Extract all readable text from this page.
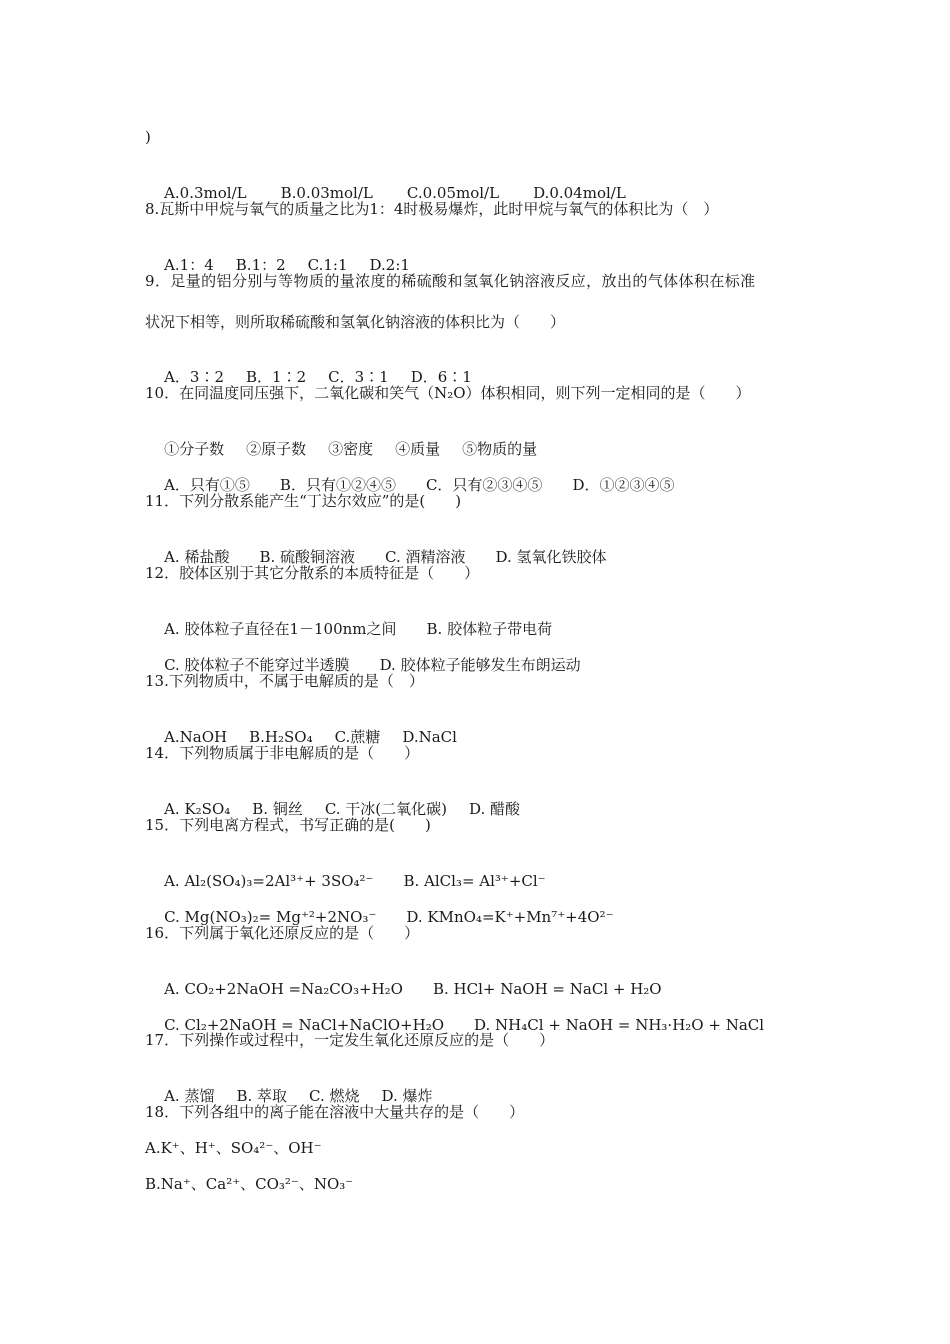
)

A.0.3mol/L B.0.03mol/L C.0.05mol/L D.0.04mol/L

8.瓦斯中甲烷与氧气的质量之比为1：4时极易爆炸，此时甲烷与氧气的体积比为（　）

A.1：4 B.1：2 C.1:1 D.2:1

9．足量的铝分别与等物质的量浓度的稀硫酸和氢氧化钠溶液反应，放出的气体体积在标准
状况下相等，则所取稀硫酸和氢氧化钠溶液的体积比为（　　）

A．3∶2 B．1∶2 C．3∶1 D．6∶1

10．在同温度同压强下，二氧化碳和笑气（N₂O）体积相同，则下列一定相同的是（　　）

①分子数 ②原子数 ③密度 ④质量 ⑤物质的量

A．只有①⑤ B．只有①②④⑤ C．只有②③④⑤ D．①②③④⑤

11．下列分散系能产生“丁达尔效应”的是(　　)

A. 稀盐酸 B. 硫酸铜溶液 C. 酒精溶液 D. 氢氧化铁胶体

12．胶体区别于其它分散系的本质特征是（　　）

A. 胶体粒子直径在1－100nm之间 B. 胶体粒子带电荷

C. 胶体粒子不能穿过半透膜 D. 胶体粒子能够发生布朗运动

13.下列物质中，不属于电解质的是（　）

A.NaOH B.H₂SO₄ C.蔗糖 D.NaCl

14．下列物质属于非电解质的是（　　）

A. K₂SO₄ B. 铜丝 C. 干冰(二氧化碳) D. 醋酸

15．下列电离方程式，书写正确的是(　　)

A. Al₂(SO₄)₃=2Al³⁺+ 3SO₄²⁻ B. AlCl₃= Al³⁺+Cl⁻

C. Mg(NO₃)₂= Mg⁺²+2NO₃⁻ D. KMnO₄=K⁺+Mn⁷⁺+4O²⁻

16．下列属于氧化还原反应的是（　　）

A. CO₂+2NaOH =Na₂CO₃+H₂O B. HCl+ NaOH = NaCl + H₂O

C. Cl₂+2NaOH = NaCl+NaClO+H₂O D. NH₄Cl + NaOH = NH₃·H₂O + NaCl

17．下列操作或过程中，一定发生氧化还原反应的是（　　）

A. 蒸馏 B. 萃取 C. 燃烧 D. 爆炸

18．下列各组中的离子能在溶液中大量共存的是（　　）
A.K⁺、H⁺、SO₄²⁻、OH⁻
B.Na⁺、Ca²⁺、CO₃²⁻、NO₃⁻
